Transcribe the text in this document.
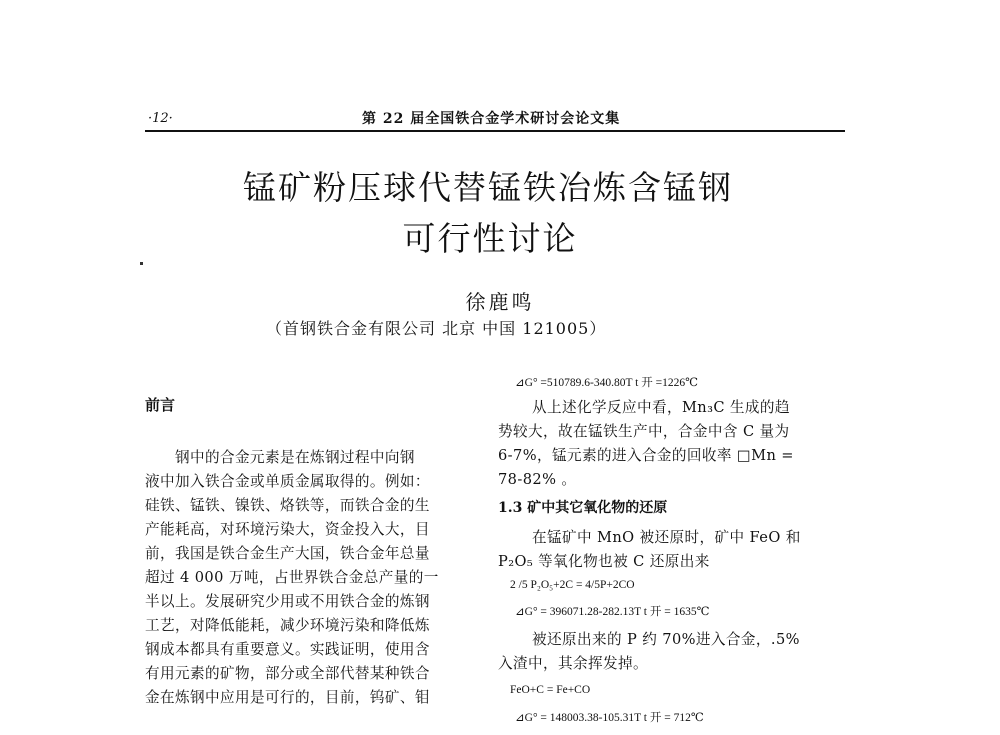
·12·	第 22 届全国铁合金学术研讨会论文集
锰矿粉压球代替锰铁冶炼含锰钢
可行性讨论
徐鹿鸣
（首钢铁合金有限公司 北京 中国 121005）
前言
钢中的合金元素是在炼钢过程中向钢
液中加入铁合金或单质金属取得的。例如：
硅铁、锰铁、镍铁、烙铁等，而铁合金的生
产能耗高，对环境污染大，资金投入大，目
前，我国是铁合金生产大国，铁合金年总量
超过 4 000 万吨，占世界铁合金总产量的一
半以上。发展研究少用或不用铁合金的炼钢
工艺，对降低能耗，减少环境污染和降低炼
钢成本都具有重要意义。实践证明，使用含
有用元素的矿物，部分或全部代替某种铁合
金在炼钢中应用是可行的，目前，钨矿、钼
⊿G° =510789.6-340.80T t 开 =1226℃
从上述化学反应中看，Mn₃C 生成的趋
势较大，故在锰铁生产中，合金中含 C 量为
6-7%，锰元素的进入合金的回收率 □Mn =
78-82% 。
1.3 矿中其它氧化物的还原
在锰矿中 MnO 被还原时，矿中 FeO 和
P₂O₅ 等氧化物也被 C 还原出来
2 /5 P₂O₅+2C = 4/5P+2CO
⊿G° = 396071.28-282.13T t 开 = 1635℃
被还原出来的 P 约 70%进入合金，.5%
入渣中，其余挥发掉。
FeO+C = Fe+CO
⊿G° = 148003.38-105.31T t 开 = 712℃
